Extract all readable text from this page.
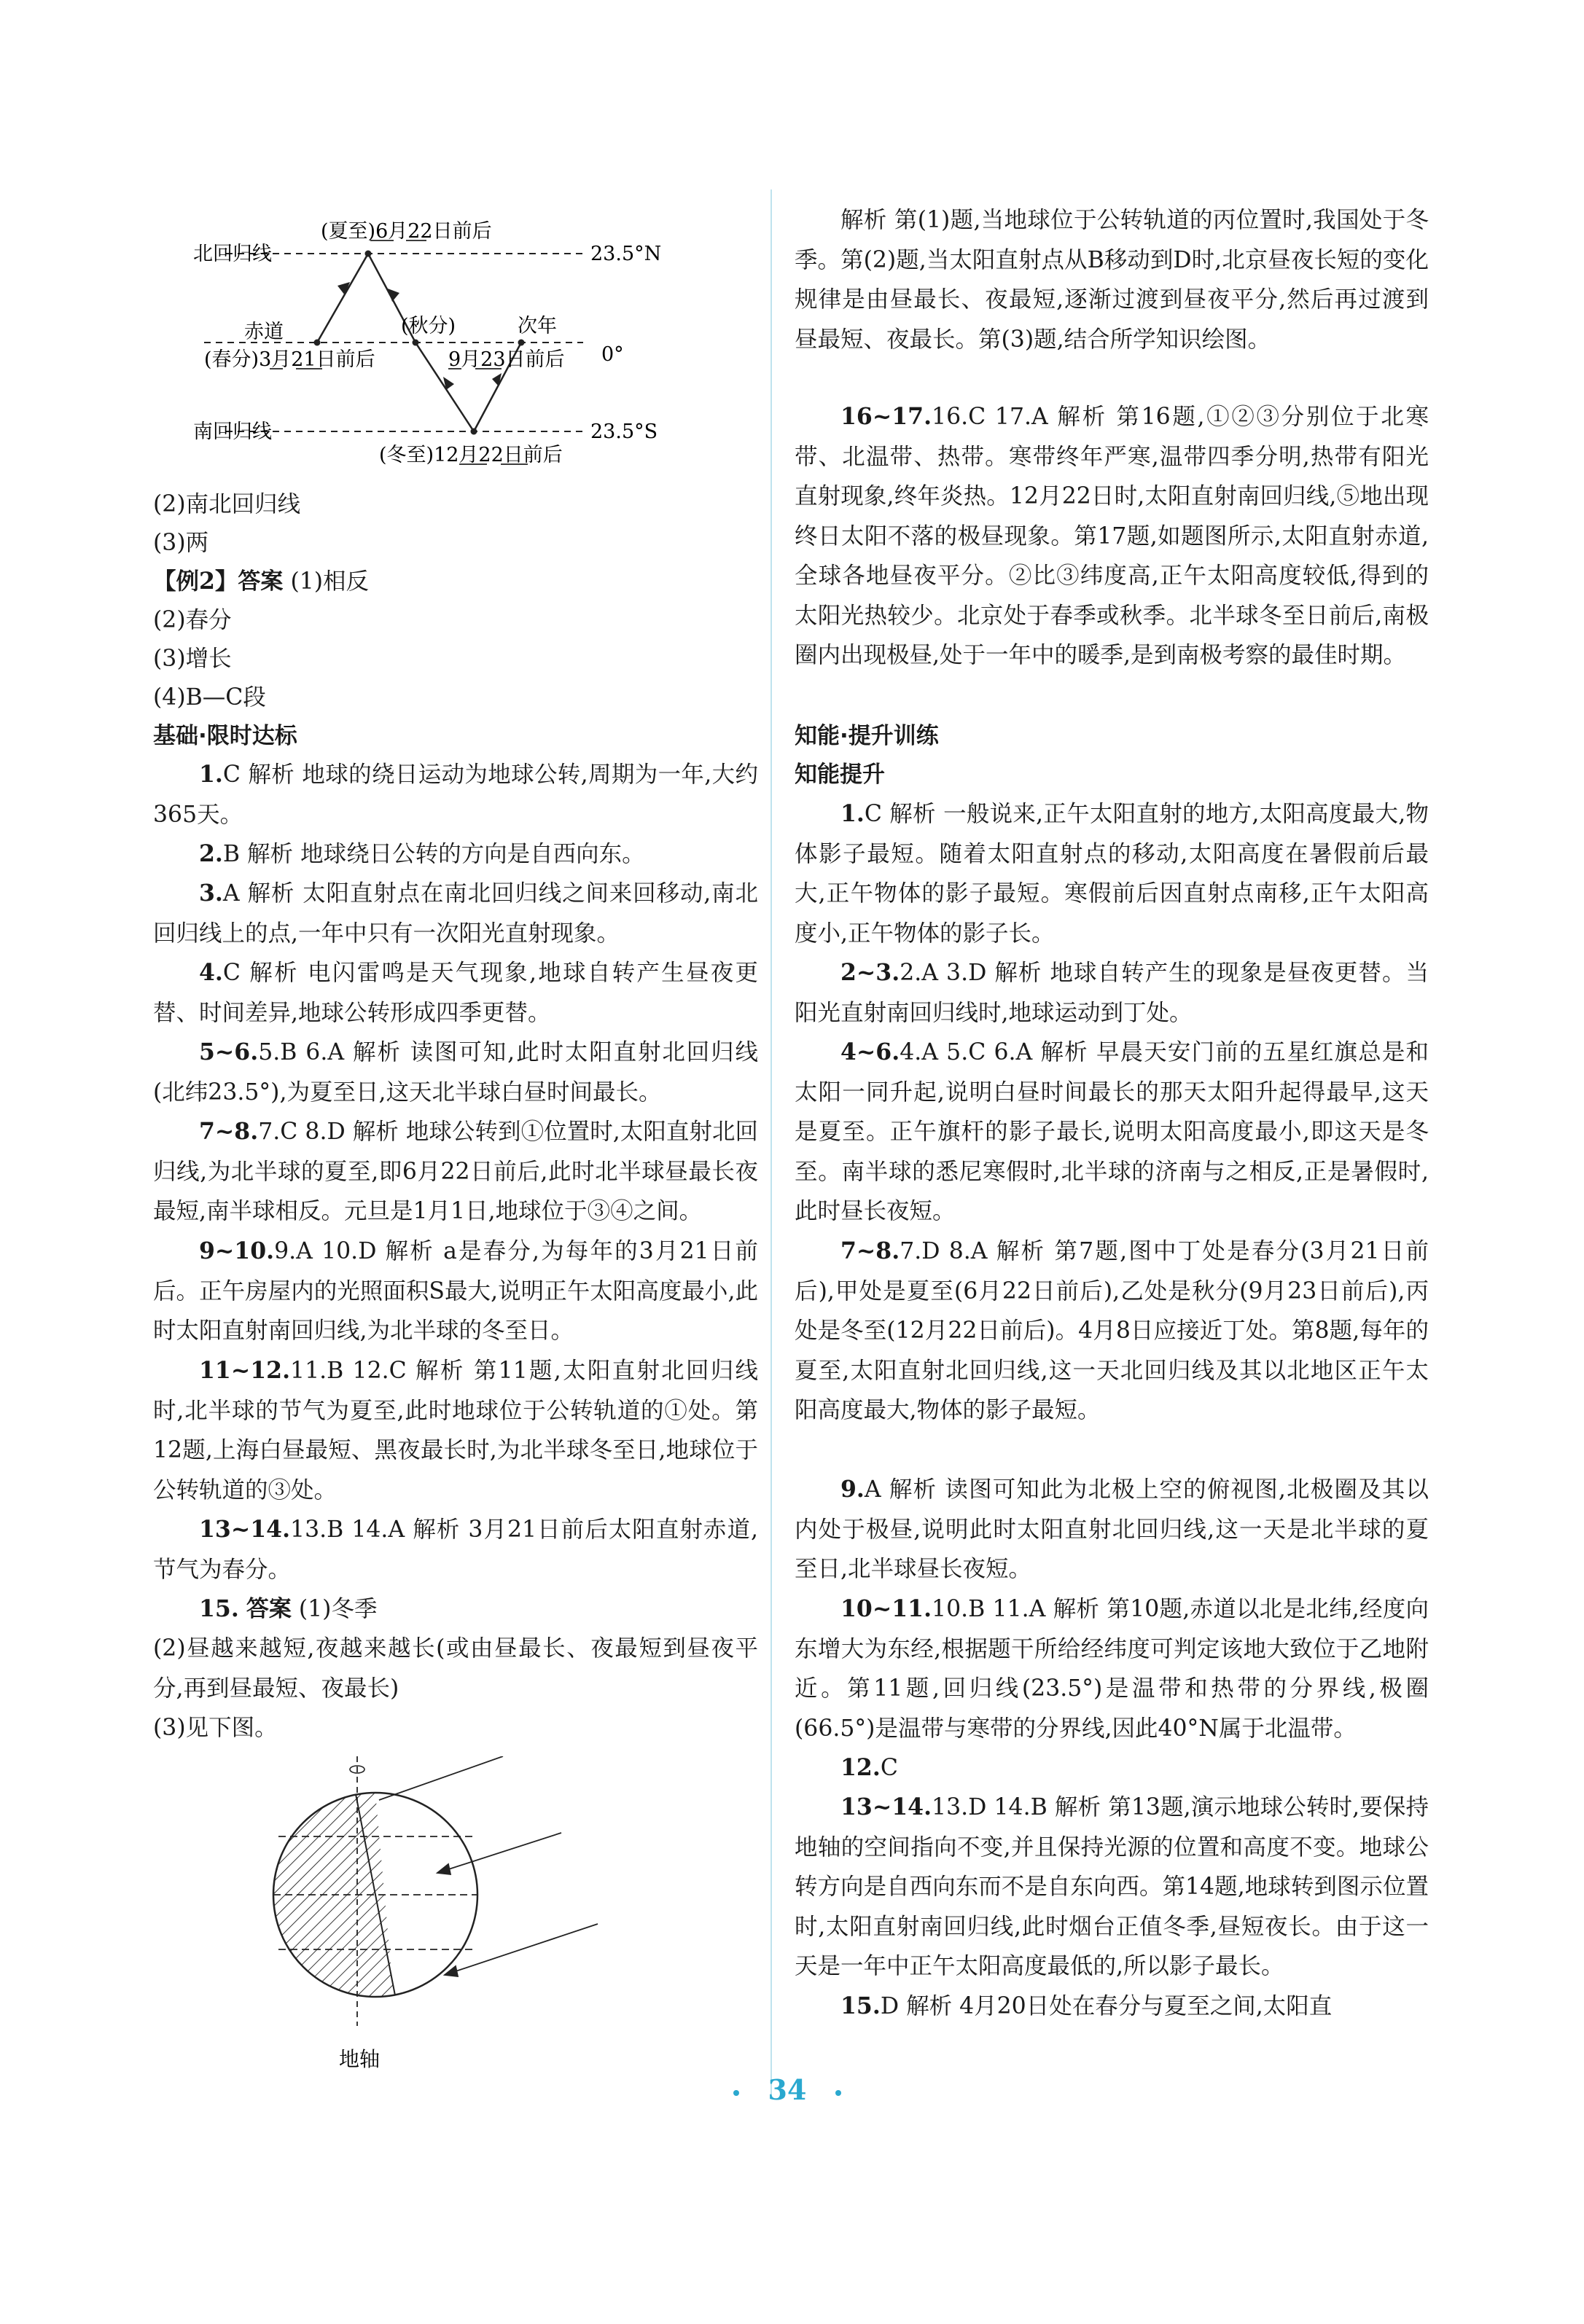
(夏至)6月22日前后
北回归线	23.5°N
赤道	(秋分)	次年
(春分)3月21日前后	9月23日前后 0°
南回归线	23.5°S
(冬至)12月22日前后

(2)南北回归线

(3)两

【例2】答案 (1)相反

(2)春分

(3)增长

(4)B—C段

基础·限时达标

1.C 解析 地球的绕日运动为地球公转,周期为一年,大约365天。

2.B 解析 地球绕日公转的方向是自西向东。

3.A 解析 太阳直射点在南北回归线之间来回移动,南北回归线上的点,一年中只有一次阳光直射现象。

4.C 解析 电闪雷鸣是天气现象,地球自转产生昼夜更替、时间差异,地球公转形成四季更替。

5~6.5.B 6.A 解析 读图可知,此时太阳直射北回归线(北纬23.5°),为夏至日,这天北半球白昼时间最长。

7~8.7.C 8.D 解析 地球公转到①位置时,太阳直射北回归线,为北半球的夏至,即6月22日前后,此时北半球昼最长夜最短,南半球相反。元旦是1月1日,地球位于③④之间。

9~10.9.A 10.D 解析 a是春分,为每年的3月21日前后。正午房屋内的光照面积S最大,说明正午太阳高度最小,此时太阳直射南回归线,为北半球的冬至日。

11~12.11.B 12.C 解析 第11题,太阳直射北回归线时,北半球的节气为夏至,此时地球位于公转轨道的①处。第12题,上海白昼最短、黑夜最长时,为北半球冬至日,地球位于公转轨道的③处。

13~14.13.B 14.A 解析 3月21日前后太阳直射赤道,节气为春分。

15. 答案 (1)冬季

(2)昼越来越短,夜越来越长(或由昼最长、夜最短到昼夜平分,再到昼最短、夜最长)

(3)见下图。

地轴

解析 第(1)题,当地球位于公转轨道的丙位置时,我国处于冬季。第(2)题,当太阳直射点从B移动到D时,北京昼夜长短的变化规律是由昼最长、夜最短,逐渐过渡到昼夜平分,然后再过渡到昼最短、夜最长。第(3)题,结合所学知识绘图。

16~17.16.C 17.A 解析 第16题,①②③分别位于北寒带、北温带、热带。寒带终年严寒,温带四季分明,热带有阳光直射现象,终年炎热。12月22日时,太阳直射南回归线,⑤地出现终日太阳不落的极昼现象。第17题,如题图所示,太阳直射赤道,全球各地昼夜平分。②比③纬度高,正午太阳高度较低,得到的太阳光热较少。北京处于春季或秋季。北半球冬至日前后,南极圈内出现极昼,处于一年中的暖季,是到南极考察的最佳时期。

知能·提升训练

知能提升

1.C 解析 一般说来,正午太阳直射的地方,太阳高度最大,物体影子最短。随着太阳直射点的移动,太阳高度在暑假前后最大,正午物体的影子最短。寒假前后因直射点南移,正午太阳高度小,正午物体的影子长。

2~3.2.A 3.D 解析 地球自转产生的现象是昼夜更替。当阳光直射南回归线时,地球运动到丁处。

4~6.4.A 5.C 6.A 解析 早晨天安门前的五星红旗总是和太阳一同升起,说明白昼时间最长的那天太阳升起得最早,这天是夏至。正午旗杆的影子最长,说明太阳高度最小,即这天是冬至。南半球的悉尼寒假时,北半球的济南与之相反,正是暑假时,此时昼长夜短。

7~8.7.D 8.A 解析 第7题,图中丁处是春分(3月21日前后),甲处是夏至(6月22日前后),乙处是秋分(9月23日前后),丙处是冬至(12月22日前后)。4月8日应接近丁处。第8题,每年的夏至,太阳直射北回归线,这一天北回归线及其以北地区正午太阳高度最大,物体的影子最短。

9.A 解析 读图可知此为北极上空的俯视图,北极圈及其以内处于极昼,说明此时太阳直射北回归线,这一天是北半球的夏至日,北半球昼长夜短。

10~11.10.B 11.A 解析 第10题,赤道以北是北纬,经度向东增大为东经,根据题干所给经纬度可判定该地大致位于乙地附近。第11题,回归线(23.5°)是温带和热带的分界线,极圈(66.5°)是温带与寒带的分界线,因此40°N属于北温带。

12.C

13~14.13.D 14.B 解析 第13题,演示地球公转时,要保持地轴的空间指向不变,并且保持光源的位置和高度不变。地球公转方向是自西向东而不是自东向西。第14题,地球转到图示位置时,太阳直射南回归线,此时烟台正值冬季,昼短夜长。由于这一天是一年中正午太阳高度最低的,所以影子最长。

15.D 解析 4月20日处在春分与夏至之间,太阳直

34
